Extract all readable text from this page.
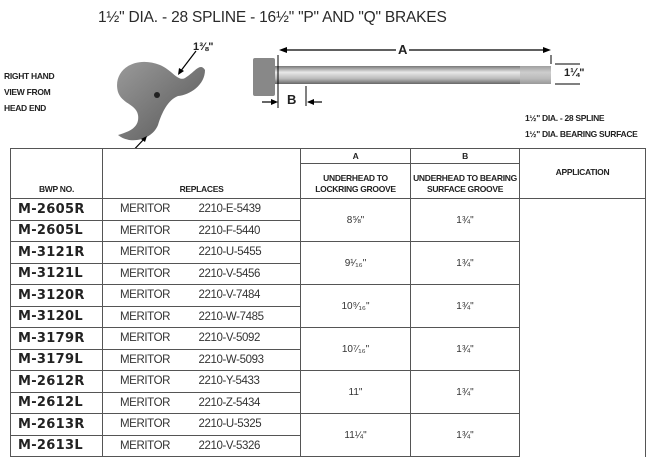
1½" DIA. - 28 SPLINE - 16½" "P" AND "Q" BRAKES
RIGHT HAND
VIEW FROM
HEAD END
1⅜"	A
B
1¼"
1½" DIA. - 28 SPLINE
1½" DIA. BEARING SURFACE
BWP NO.	REPLACES		A	B	APPLICATION
			UNDERHEAD TO LOCKRING GROOVE	UNDERHEAD TO BEARING SURFACE GROOVE	
M-2605R	MERITOR	2210-E-5439	8⅝"	1¾"	
M-2605L	MERITOR	2210-F-5440			
M-3121R	MERITOR	2210-U-5455	9¹⁄₁₆"	1¾"	
M-3121L	MERITOR	2210-V-5456			
M-3120R	MERITOR	2210-V-7484	10⁹⁄₁₆"	1¾"	
M-3120L	MERITOR	2210-W-7485			
M-3179R	MERITOR	2210-V-5092	10⁷⁄₁₆"	1¾"	
M-3179L	MERITOR	2210-W-5093			
M-2612R	MERITOR	2210-Y-5433	11"	1¾"	
M-2612L	MERITOR	2210-Z-5434			
M-2613R	MERITOR	2210-U-5325	11¼"	1¾"	
M-2613L	MERITOR	2210-V-5326			
